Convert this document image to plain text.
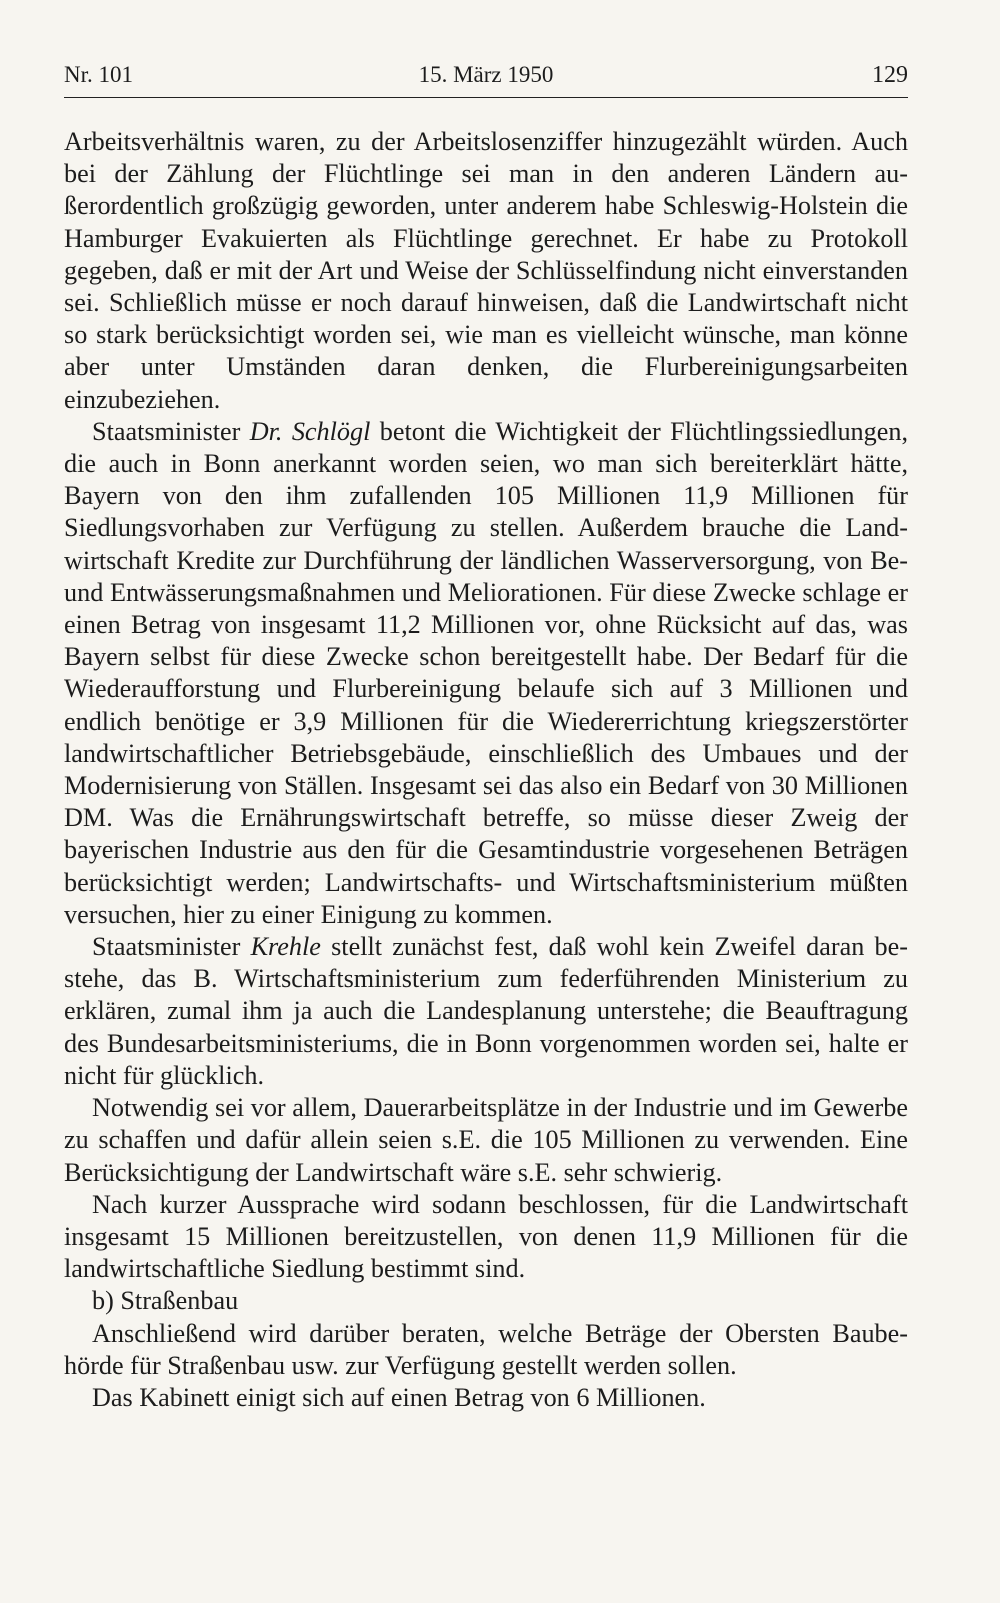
Nr. 101	15. März 1950	129

Arbeitsverhältnis waren, zu der Arbeitslosenziffer hinzugezählt würden. Auch bei der Zählung der Flüchtlinge sei man in den anderen Ländern außerordentlich großzügig geworden, unter anderem habe Schleswig-Holstein die Hamburger Evakuierten als Flüchtlinge gerechnet. Er habe zu Protokoll gegeben, daß er mit der Art und Weise der Schlüsselfindung nicht einverstanden sei. Schließlich müsse er noch darauf hinweisen, daß die Landwirtschaft nicht so stark berücksichtigt worden sei, wie man es vielleicht wünsche, man könne aber unter Umständen daran denken, die Flurbereinigungsarbeiten einzubeziehen.

Staatsminister Dr. Schlögl betont die Wichtigkeit der Flüchtlingssiedlungen, die auch in Bonn anerkannt worden seien, wo man sich bereiterklärt hätte, Bayern von den ihm zufallenden 105 Millionen 11,9 Millionen für Siedlungsvorhaben zur Verfügung zu stellen. Außerdem brauche die Landwirtschaft Kredite zur Durchführung der ländlichen Wasserversorgung, von Be- und Entwässerungsmaßnahmen und Meliorationen. Für diese Zwecke schlage er einen Betrag von insgesamt 11,2 Millionen vor, ohne Rücksicht auf das, was Bayern selbst für diese Zwecke schon bereitgestellt habe. Der Bedarf für die Wiederaufforstung und Flurbereinigung belaufe sich auf 3 Millionen und endlich benötige er 3,9 Millionen für die Wiedererrichtung kriegszerstörter landwirtschaftlicher Betriebsgebäude, einschließlich des Umbaues und der Modernisierung von Ställen. Insgesamt sei das also ein Bedarf von 30 Millionen DM. Was die Ernährungswirtschaft betreffe, so müsse dieser Zweig der bayerischen Industrie aus den für die Gesamtindustrie vorgesehenen Beträgen berücksichtigt werden; Landwirtschafts- und Wirtschaftsministerium müßten versuchen, hier zu einer Einigung zu kommen.

Staatsminister Krehle stellt zunächst fest, daß wohl kein Zweifel daran bestehe, das B. Wirtschaftsministerium zum federführenden Ministerium zu erklären, zumal ihm ja auch die Landesplanung unterstehe; die Beauftragung des Bundesarbeitsministeriums, die in Bonn vorgenommen worden sei, halte er nicht für glücklich.

Notwendig sei vor allem, Dauerarbeitsplätze in der Industrie und im Gewerbe zu schaffen und dafür allein seien s.E. die 105 Millionen zu verwenden. Eine Berücksichtigung der Landwirtschaft wäre s.E. sehr schwierig.

Nach kurzer Aussprache wird sodann beschlossen, für die Landwirtschaft insgesamt 15 Millionen bereitzustellen, von denen 11,9 Millionen für die landwirtschaftliche Siedlung bestimmt sind.

b) Straßenbau

Anschließend wird darüber beraten, welche Beträge der Obersten Baubehörde für Straßenbau usw. zur Verfügung gestellt werden sollen.

Das Kabinett einigt sich auf einen Betrag von 6 Millionen.
